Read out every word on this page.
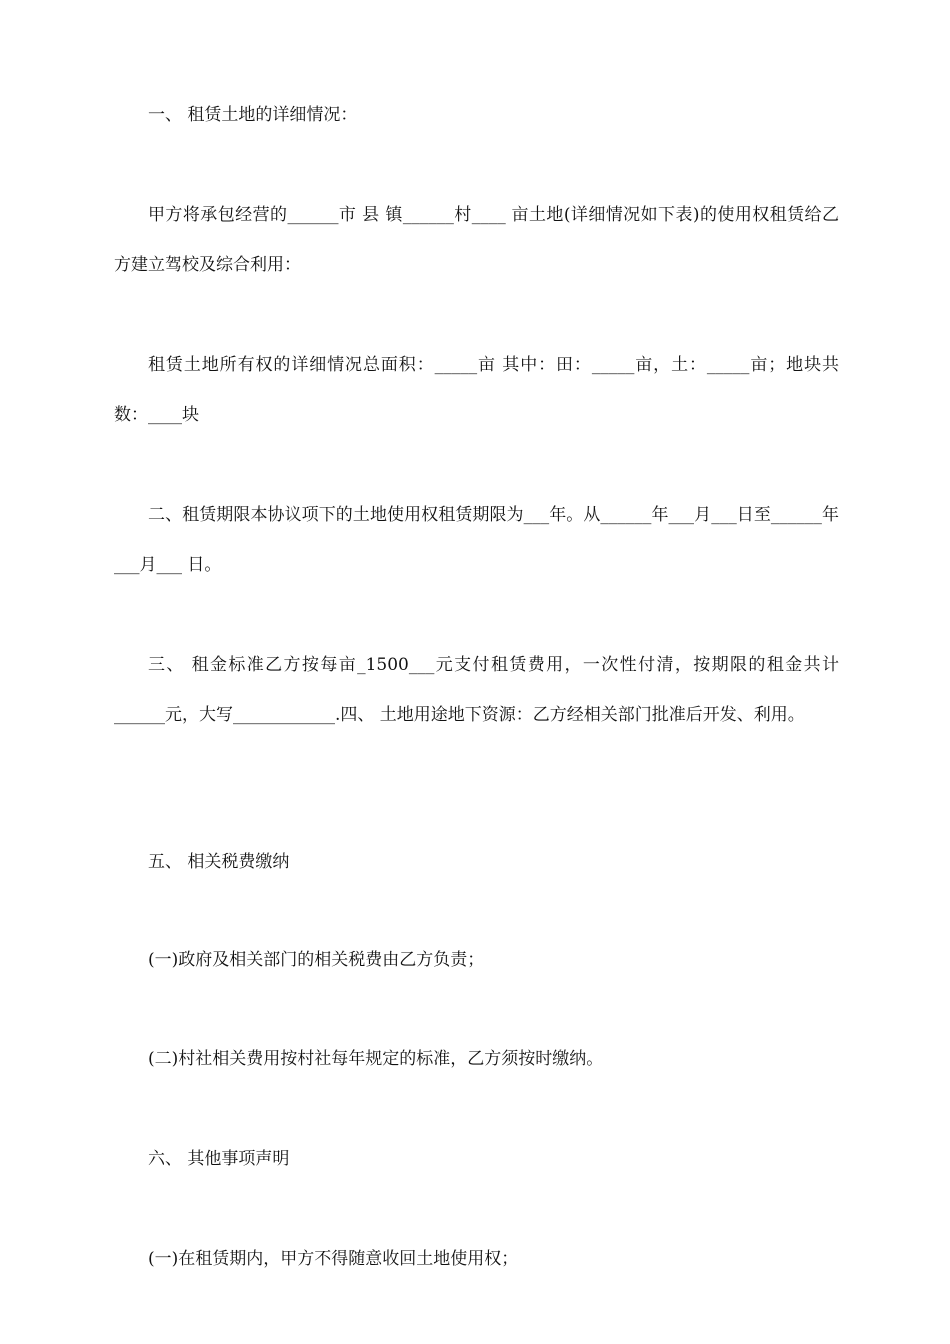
一、 租赁土地的详细情况：

甲方将承包经营的______市 县 镇______村____ 亩土地(详细情况如下表)的使用权租赁给乙方建立驾校及综合利用：

租赁土地所有权的详细情况总面积：_____亩 其中：田：_____亩，土：_____亩；地块共数：____块

二、租赁期限本协议项下的土地使用权租赁期限为___年。从______年___月___日至______年___月___ 日。

三、 租金标准乙方按每亩_1500___元支付租赁费用，一次性付清，按期限的租金共计______元，大写____________.四、 土地用途地下资源：乙方经相关部门批准后开发、利用。

五、 相关税费缴纳

(一)政府及相关部门的相关税费由乙方负责；

(二)村社相关费用按村社每年规定的标准，乙方须按时缴纳。

六、 其他事项声明

(一)在租赁期内，甲方不得随意收回土地使用权；
